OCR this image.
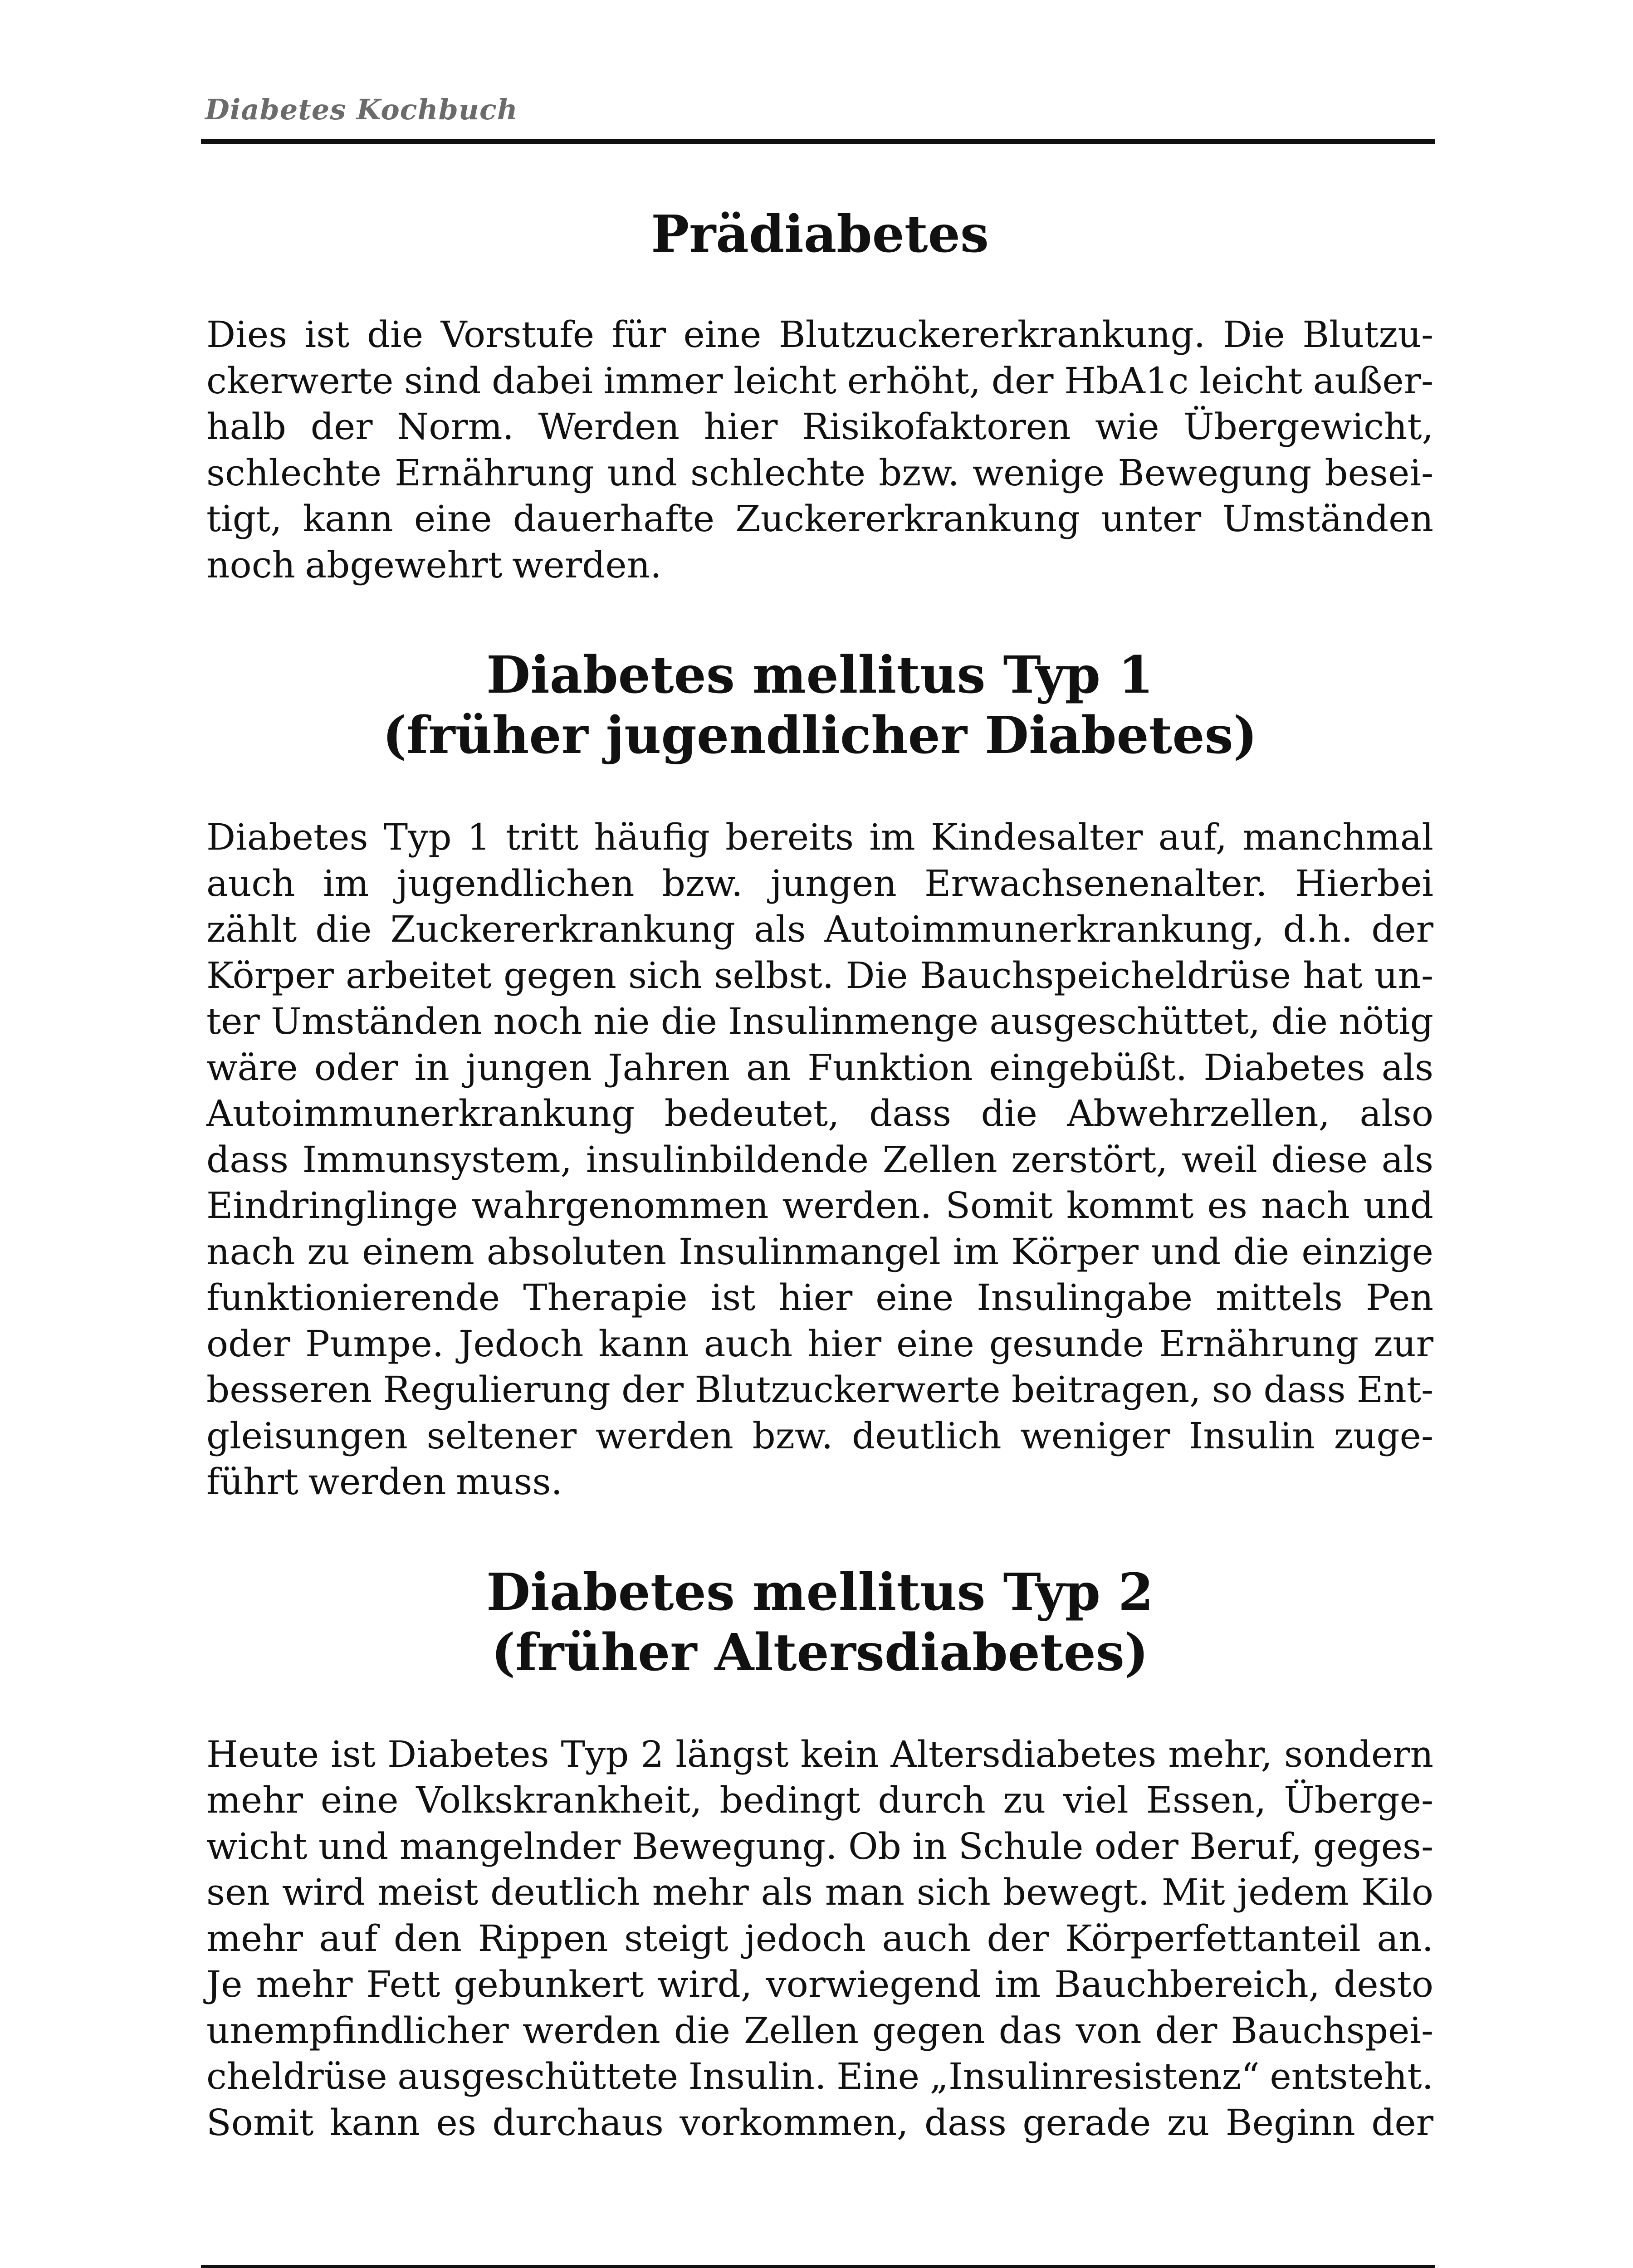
Diabetes Kochbuch
Prädiabetes

Dies ist die Vorstufe für eine Blutzuckererkrankung. Die Blutzu-
ckerwerte sind dabei immer leicht erhöht, der HbA1c leicht außer-
halb der Norm. Werden hier Risikofaktoren wie Übergewicht,
schlechte Ernährung und schlechte bzw. wenige Bewegung besei-
tigt, kann eine dauerhafte Zuckererkrankung unter Umständen
noch abgewehrt werden.

Diabetes mellitus Typ 1
(früher jugendlicher Diabetes)

Diabetes Typ 1 tritt häufig bereits im Kindesalter auf, manchmal
auch im jugendlichen bzw. jungen Erwachsenenalter. Hierbei
zählt die Zuckererkrankung als Autoimmunerkrankung, d.h. der
Körper arbeitet gegen sich selbst. Die Bauchspeicheldrüse hat un-
ter Umständen noch nie die Insulinmenge ausgeschüttet, die nötig
wäre oder in jungen Jahren an Funktion eingebüßt. Diabetes als
Autoimmunerkrankung bedeutet, dass die Abwehrzellen, also
dass Immunsystem, insulinbildende Zellen zerstört, weil diese als
Eindringlinge wahrgenommen werden. Somit kommt es nach und
nach zu einem absoluten Insulinmangel im Körper und die einzige
funktionierende Therapie ist hier eine Insulingabe mittels Pen
oder Pumpe. Jedoch kann auch hier eine gesunde Ernährung zur
besseren Regulierung der Blutzuckerwerte beitragen, so dass Ent-
gleisungen seltener werden bzw. deutlich weniger Insulin zuge-
führt werden muss.

Diabetes mellitus Typ 2
(früher Altersdiabetes)

Heute ist Diabetes Typ 2 längst kein Altersdiabetes mehr, sondern
mehr eine Volkskrankheit, bedingt durch zu viel Essen, Überge-
wicht und mangelnder Bewegung. Ob in Schule oder Beruf, geges-
sen wird meist deutlich mehr als man sich bewegt. Mit jedem Kilo
mehr auf den Rippen steigt jedoch auch der Körperfettanteil an.
Je mehr Fett gebunkert wird, vorwiegend im Bauchbereich, desto
unempfindlicher werden die Zellen gegen das von der Bauchspei-
cheldrüse ausgeschüttete Insulin. Eine „Insulinresistenz“ entsteht.
Somit kann es durchaus vorkommen, dass gerade zu Beginn der
